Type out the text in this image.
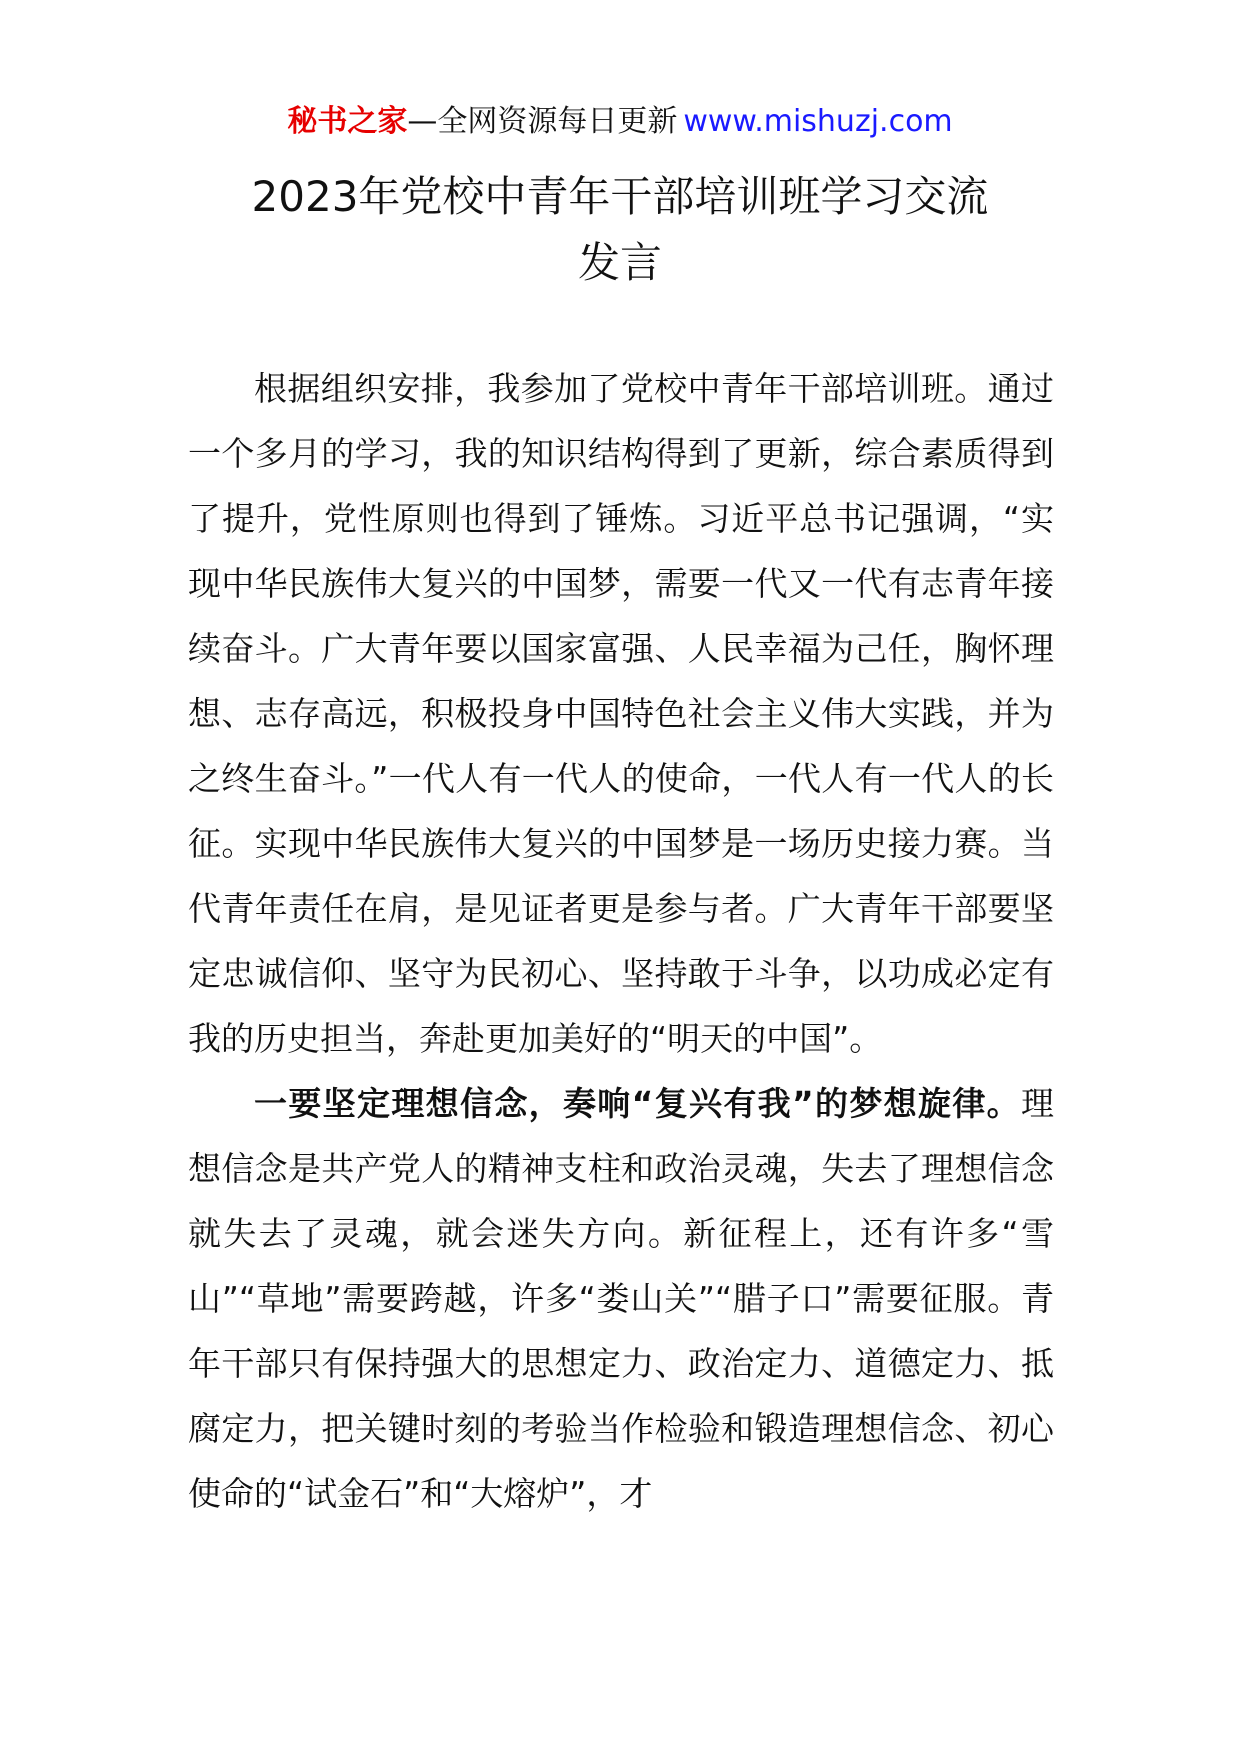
秘书之家—全网资源每日更新 www.mishuzj.com
2023年党校中青年干部培训班学习交流
发言

根据组织安排，我参加了党校中青年干部培训班。通过一个多月的学习，我的知识结构得到了更新，综合素质得到了提升，党性原则也得到了锤炼。习近平总书记强调，“实现中华民族伟大复兴的中国梦，需要一代又一代有志青年接续奋斗。广大青年要以国家富强、人民幸福为己任，胸怀理想、志存高远，积极投身中国特色社会主义伟大实践，并为之终生奋斗。”一代人有一代人的使命，一代人有一代人的长征。实现中华民族伟大复兴的中国梦是一场历史接力赛。当代青年责任在肩，是见证者更是参与者。广大青年干部要坚定忠诚信仰、坚守为民初心、坚持敢于斗争，以功成必定有我的历史担当，奔赴更加美好的“明天的中国”。

一要坚定理想信念，奏响“复兴有我”的梦想旋律。理想信念是共产党人的精神支柱和政治灵魂，失去了理想信念就失去了灵魂，就会迷失方向。新征程上，还有许多“雪山”“草地”需要跨越，许多“娄山关”“腊子口”需要征服。青年干部只有保持强大的思想定力、政治定力、道德定力、抵腐定力，把关键时刻的考验当作检验和锻造理想信念、初心使命的“试金石”和“大熔炉”，才
